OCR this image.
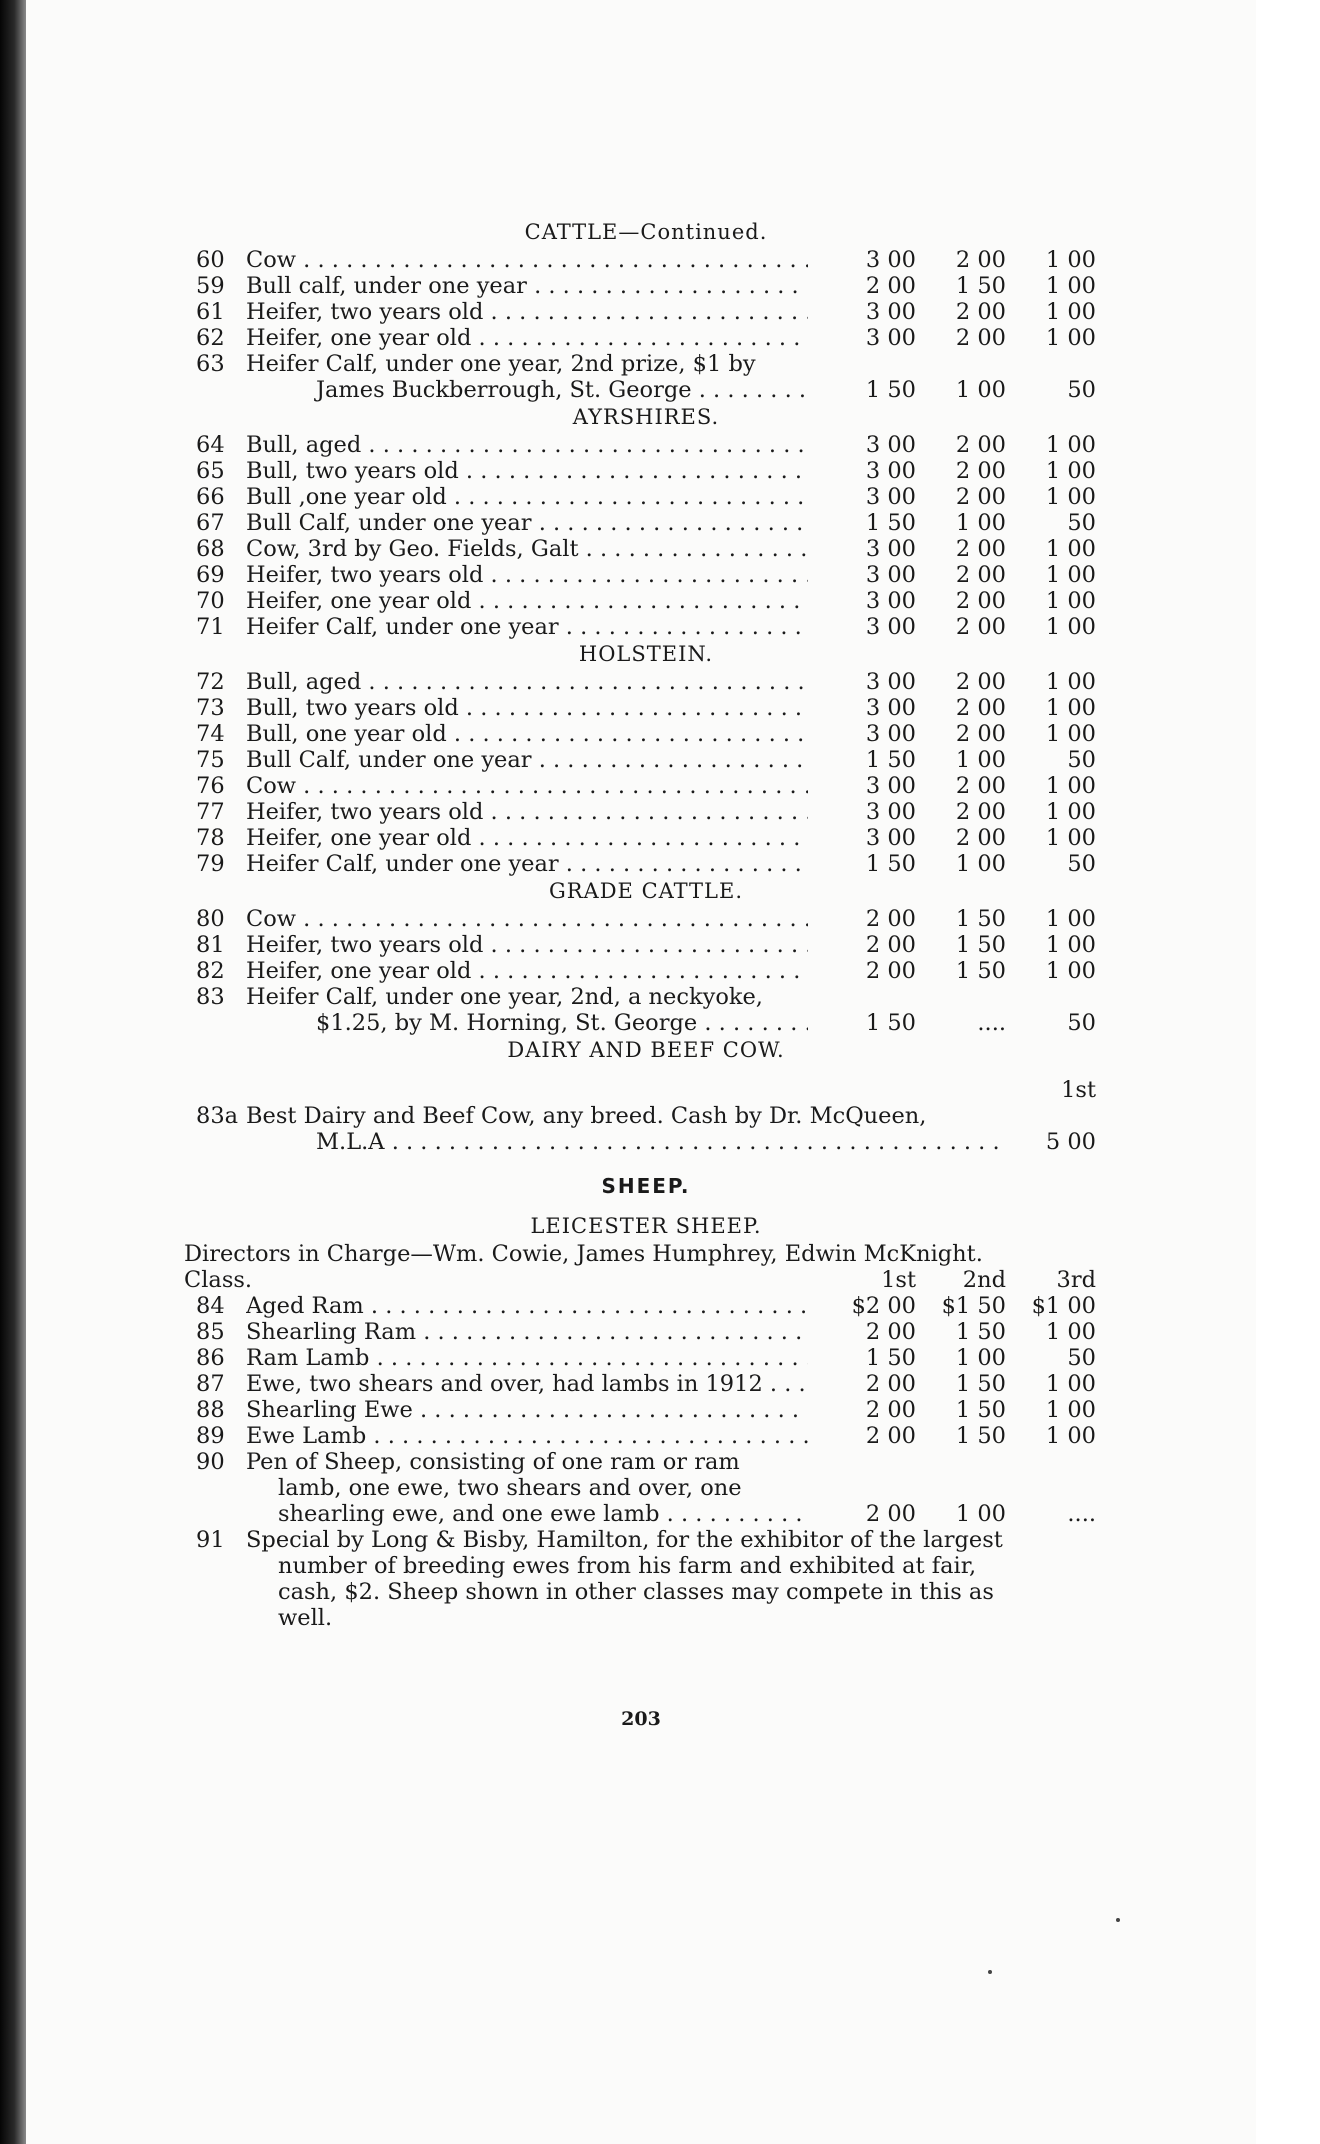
CATTLE—Continued.
60 Cow . . .	3 00	2 00	1 00
59 Bull calf, under one year . . .	2 00	1 50	1 00
61 Heifer, two years old . . .	3 00	2 00	1 00
62 Heifer, one year old . . .	3 00	2 00	1 00
63 Heifer Calf, under one year, 2nd prize, $1 by
James Buckberrough, St. George . . .	1 50	1 00	50
AYRSHIRES.
64 Bull, aged . . .	3 00	2 00	1 00
65 Bull, two years old . . .	3 00	2 00	1 00
66 Bull ,one year old . . .	3 00	2 00	1 00
67 Bull Calf, under one year . . .	1 50	1 00	50
68 Cow, 3rd by Geo. Fields, Galt . . .	3 00	2 00	1 00
69 Heifer, two years old . . .	3 00	2 00	1 00
70 Heifer, one year old . . .	3 00	2 00	1 00
71 Heifer Calf, under one year . . .	3 00	2 00	1 00
HOLSTEIN.
72 Bull, aged . . .	3 00	2 00	1 00
73 Bull, two years old . . .	3 00	2 00	1 00
74 Bull, one year old . . .	3 00	2 00	1 00
75 Bull Calf, under one year . . .	1 50	1 00	50
76 Cow . . .	3 00	2 00	1 00
77 Heifer, two years old . . .	3 00	2 00	1 00
78 Heifer, one year old . . .	3 00	2 00	1 00
79 Heifer Calf, under one year . . .	1 50	1 00	50
GRADE CATTLE.
80 Cow . . .	2 00	1 50	1 00
81 Heifer, two years old . . .	2 00	1 50	1 00
82 Heifer, one year old . . .	2 00	1 50	1 00
83 Heifer Calf, under one year, 2nd, a neckyoke,
$1.25, by M. Horning, St. George . . .	1 50	....	50
DAIRY AND BEEF COW.
1st
83a Best Dairy and Beef Cow, any breed. Cash by Dr. McQueen,
M.L.A . . .	5 00
SHEEP.
LEICESTER SHEEP.
Directors in Charge—Wm. Cowie, James Humphrey, Edwin McKnight.
Class.	1st	2nd	3rd
84 Aged Ram . . .	$2 00	$1 50	$1 00
85 Shearling Ram . . .	2 00	1 50	1 00
86 Ram Lamb . . .	1 50	1 00	50
87 Ewe, two shears and over, had lambs in 1912 . . .	2 00	1 50	1 00
88 Shearling Ewe . . .	2 00	1 50	1 00
89 Ewe Lamb . . .	2 00	1 50	1 00
90 Pen of Sheep, consisting of one ram or ram
lamb, one ewe, two shears and over, one
shearling ewe, and one ewe lamb . . .	2 00	1 00	....
91 Special by Long & Bisby, Hamilton, for the exhibitor of the largest
number of breeding ewes from his farm and exhibited at fair,
cash, $2. Sheep shown in other classes may compete in this as
well.
203
